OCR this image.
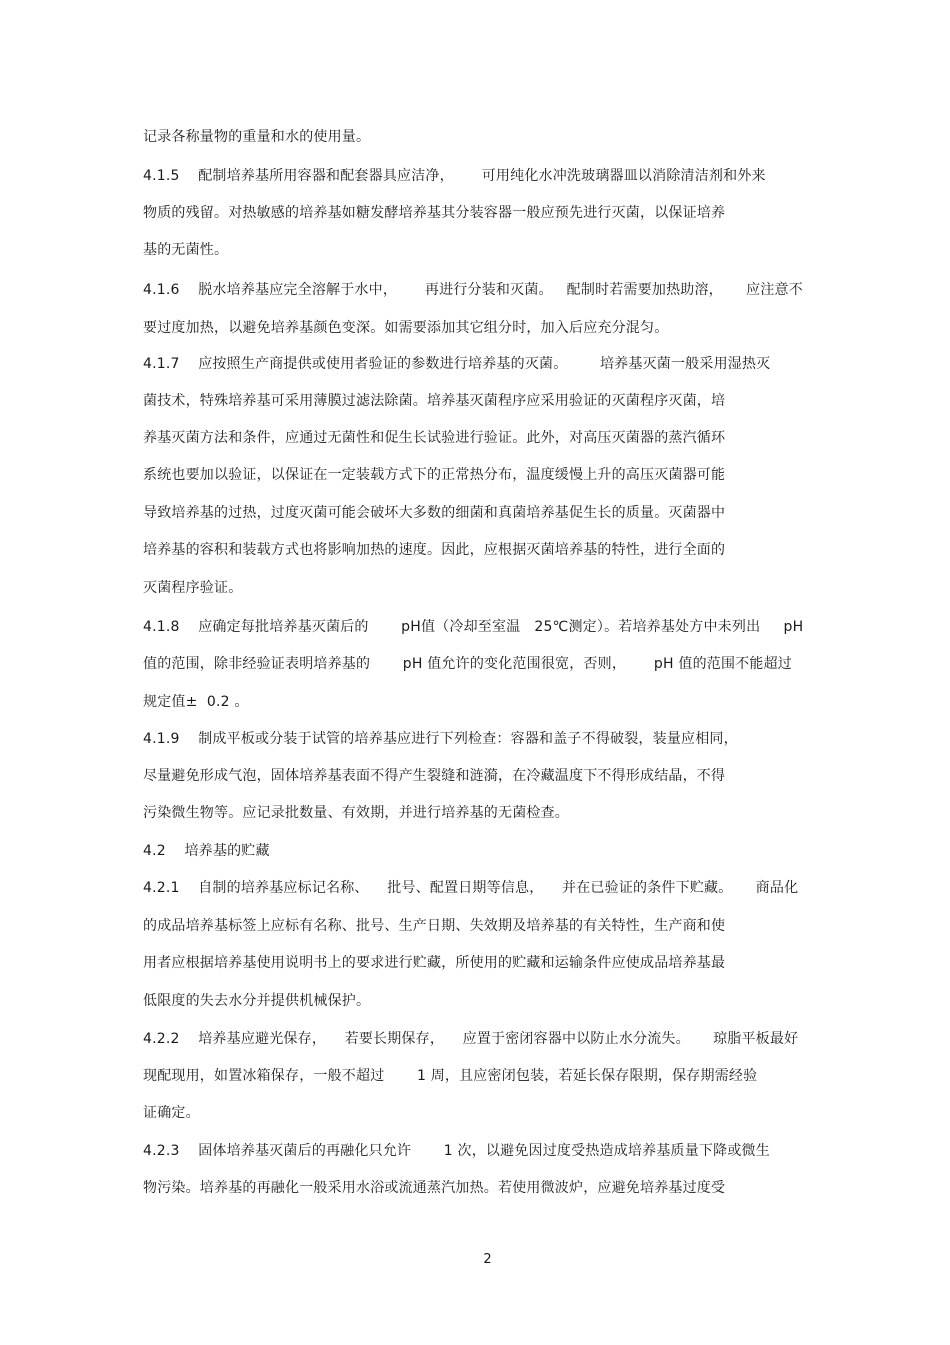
记录各称量物的重量和水的使用量。
4.1.5    配制培养基所用容器和配套器具应洁净，      可用纯化水冲洗玻璃器皿以消除清洁剂和外来
物质的残留。对热敏感的培养基如糖发酵培养基其分装容器一般应预先进行灭菌，以保证培养
基的无菌性。
4.1.6    脱水培养基应完全溶解于水中，      再进行分装和灭菌。   配制时若需要加热助溶，     应注意不
要过度加热，以避免培养基颜色变深。如需要添加其它组分时，加入后应充分混匀。
4.1.7    应按照生产商提供或使用者验证的参数进行培养基的灭菌。       培养基灭菌一般采用湿热灭
菌技术，特殊培养基可采用薄膜过滤法除菌。培养基灭菌程序应采用验证的灭菌程序灭菌，培
养基灭菌方法和条件，应通过无菌性和促生长试验进行验证。此外，对高压灭菌器的蒸汽循环
系统也要加以验证，以保证在一定装载方式下的正常热分布，温度缓慢上升的高压灭菌器可能
导致培养基的过热，过度灭菌可能会破坏大多数的细菌和真菌培养基促生长的质量。灭菌器中
培养基的容积和装载方式也将影响加热的速度。因此，应根据灭菌培养基的特性，进行全面的
灭菌程序验证。
4.1.8    应确定每批培养基灭菌后的       pH值（冷却至室温   25℃测定）。若培养基处方中未列出     pH
值的范围，除非经验证表明培养基的       pH 值允许的变化范围很宽，否则，      pH 值的范围不能超过
规定值±  0.2 。
4.1.9    制成平板或分装于试管的培养基应进行下列检查：容器和盖子不得破裂，装量应相同，
尽量避免形成气泡，固体培养基表面不得产生裂缝和涟漪，在冷藏温度下不得形成结晶，不得
污染微生物等。应记录批数量、有效期，并进行培养基的无菌检查。
4.2    培养基的贮藏
4.2.1    自制的培养基应标记名称、    批号、配置日期等信息，    并在已验证的条件下贮藏。     商品化
的成品培养基标签上应标有名称、批号、生产日期、失效期及培养基的有关特性，生产商和使
用者应根据培养基使用说明书上的要求进行贮藏，所使用的贮藏和运输条件应使成品培养基最
低限度的失去水分并提供机械保护。
4.2.2    培养基应避光保存，    若要长期保存，    应置于密闭容器中以防止水分流失。     琼脂平板最好
现配现用，如置冰箱保存，一般不超过       1 周，且应密闭包装，若延长保存限期，保存期需经验
证确定。
4.2.3    固体培养基灭菌后的再融化只允许       1 次，以避免因过度受热造成培养基质量下降或微生
物污染。培养基的再融化一般采用水浴或流通蒸汽加热。若使用微波炉，应避免培养基过度受
2
